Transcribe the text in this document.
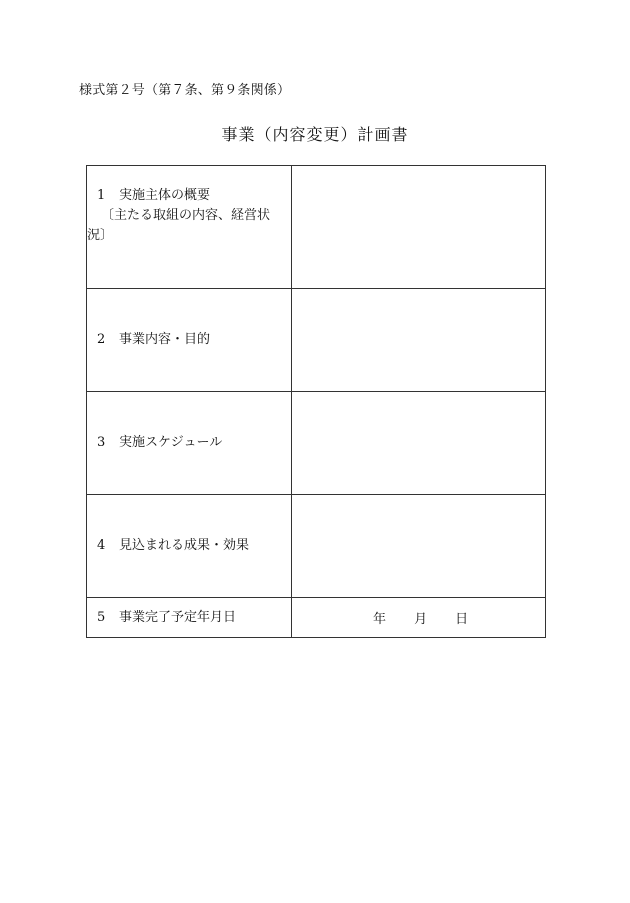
様式第２号（第７条、第９条関係）
事業（内容変更）計画書
1 実施主体の概要
〔主たる取組の内容、経営状況〕	

2 事業内容・目的	

3 実施スケジュール	

4 見込まれる成果・効果	

5 事業完了予定年月日	年 月 日
